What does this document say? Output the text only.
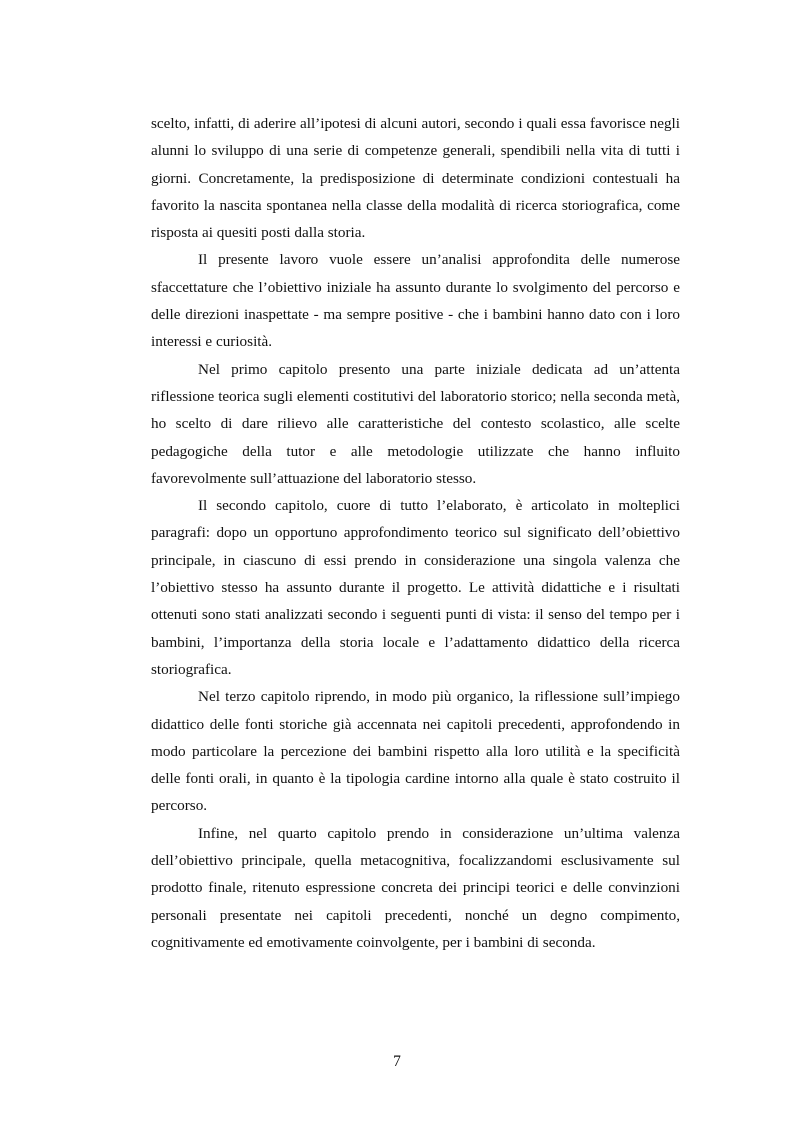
scelto, infatti, di aderire all’ipotesi di alcuni autori, secondo i quali essa favorisce negli alunni lo sviluppo di una serie di competenze generali, spendibili nella vita di tutti i giorni. Concretamente, la predisposizione di determinate condizioni contestuali ha favorito la nascita spontanea nella classe della modalità di ricerca storiografica, come risposta ai quesiti posti dalla storia.

Il presente lavoro vuole essere un’analisi approfondita delle numerose sfaccettature che l’obiettivo iniziale ha assunto durante lo svolgimento del percorso e delle direzioni inaspettate - ma sempre positive - che i bambini hanno dato con i loro interessi e curiosità.

Nel primo capitolo presento una parte iniziale dedicata ad un’attenta riflessione teorica sugli elementi costitutivi del laboratorio storico; nella seconda metà, ho scelto di dare rilievo alle caratteristiche del contesto scolastico, alle scelte pedagogiche della tutor e alle metodologie utilizzate che hanno influito favorevolmente sull’attuazione del laboratorio stesso.

Il secondo capitolo, cuore di tutto l’elaborato, è articolato in molteplici paragrafi: dopo un opportuno approfondimento teorico sul significato dell’obiettivo principale, in ciascuno di essi prendo in considerazione una singola valenza che l’obiettivo stesso ha assunto durante il progetto. Le attività didattiche e i risultati ottenuti sono stati analizzati secondo i seguenti punti di vista: il senso del tempo per i bambini, l’importanza della storia locale e l’adattamento didattico della ricerca storiografica.

Nel terzo capitolo riprendo, in modo più organico, la riflessione sull’impiego didattico delle fonti storiche già accennata nei capitoli precedenti, approfondendo in modo particolare la percezione dei bambini rispetto alla loro utilità e la specificità delle fonti orali, in quanto è la tipologia cardine intorno alla quale è stato costruito il percorso.

Infine, nel quarto capitolo prendo in considerazione un’ultima valenza dell’obiettivo principale, quella metacognitiva, focalizzandomi esclusivamente sul prodotto finale, ritenuto espressione concreta dei principi teorici e delle convinzioni personali presentate nei capitoli precedenti, nonché un degno compimento, cognitivamente ed emotivamente coinvolgente, per i bambini di seconda.

7
